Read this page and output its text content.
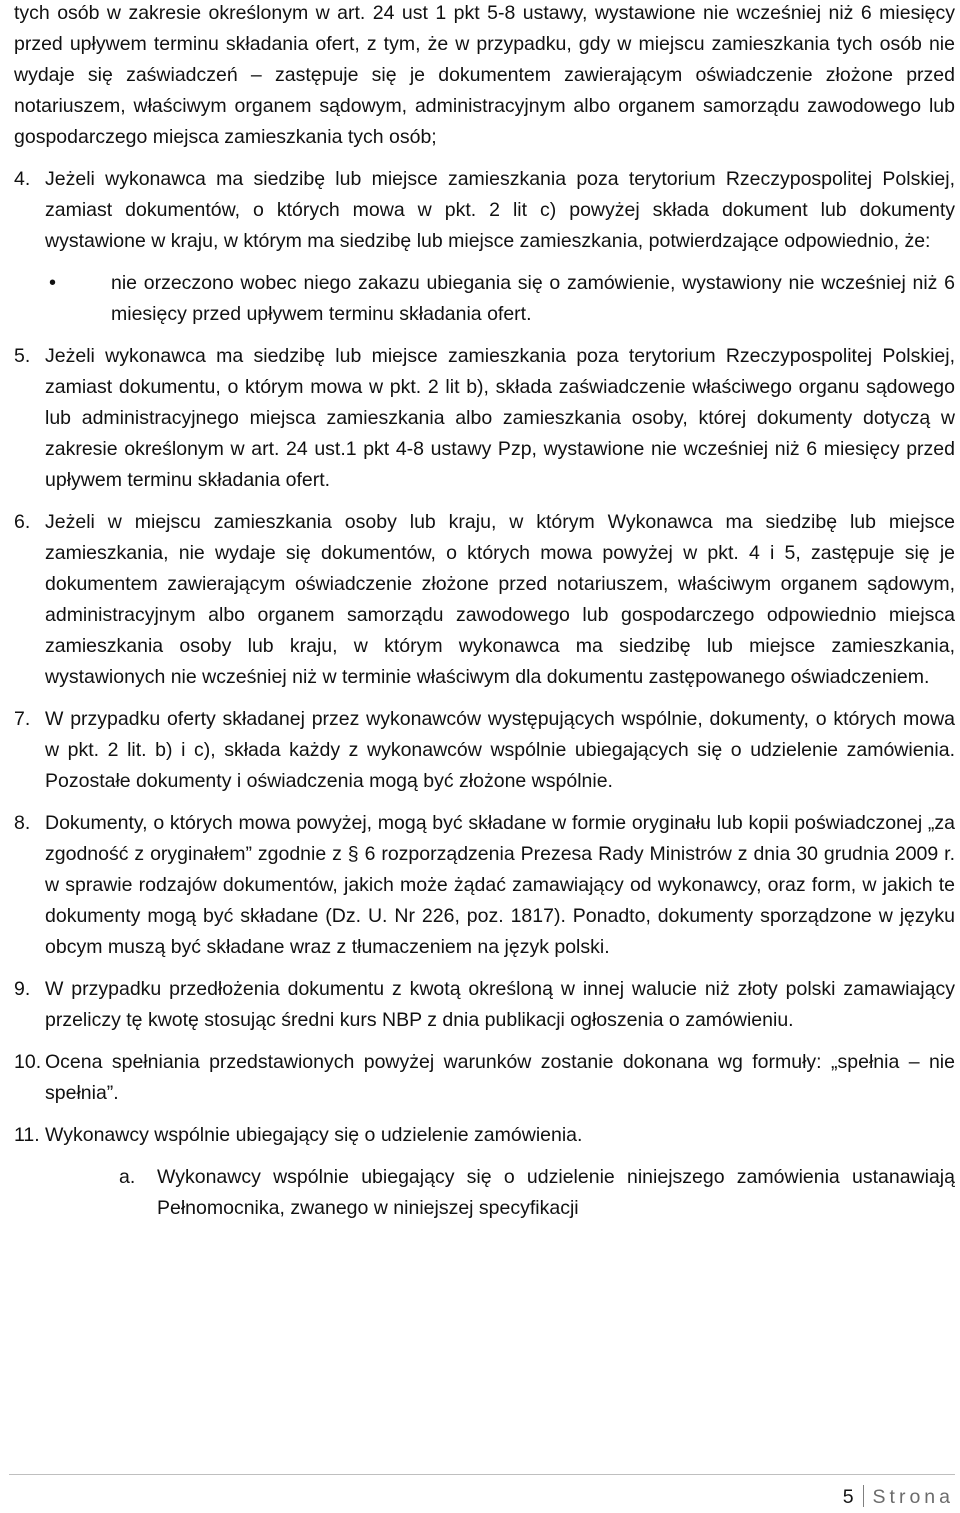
tych osób w zakresie określonym w art. 24 ust 1 pkt 5-8 ustawy, wystawione nie wcześniej niż 6 miesięcy przed upływem terminu składania ofert, z tym, że w przypadku, gdy w miejscu zamieszkania tych osób nie wydaje się zaświadczeń – zastępuje się je dokumentem zawierającym oświadczenie złożone przed notariuszem, właściwym organem sądowym, administracyjnym albo organem samorządu zawodowego lub gospodarczego miejsca zamieszkania tych osób;

4. Jeżeli wykonawca ma siedzibę lub miejsce zamieszkania poza terytorium Rzeczypospolitej Polskiej, zamiast dokumentów, o których mowa w pkt. 2 lit c) powyżej składa dokument lub dokumenty wystawione w kraju, w którym ma siedzibę lub miejsce zamieszkania, potwierdzające odpowiednio, że:
•	nie orzeczono wobec niego zakazu ubiegania się o zamówienie, wystawiony nie wcześniej niż 6 miesięcy przed upływem terminu składania ofert.
5. Jeżeli wykonawca ma siedzibę lub miejsce zamieszkania poza terytorium Rzeczypospolitej Polskiej, zamiast dokumentu, o którym mowa w pkt. 2 lit b), składa zaświadczenie właściwego organu sądowego lub administracyjnego miejsca zamieszkania albo zamieszkania osoby, której dokumenty dotyczą w zakresie określonym w art. 24 ust.1 pkt 4-8 ustawy Pzp, wystawione nie wcześniej niż 6 miesięcy przed upływem terminu składania ofert.
6. Jeżeli w miejscu zamieszkania osoby lub kraju, w którym Wykonawca ma siedzibę lub miejsce zamieszkania, nie wydaje się dokumentów, o których mowa powyżej w pkt. 4 i 5, zastępuje się je dokumentem zawierającym oświadczenie złożone przed notariuszem, właściwym organem sądowym, administracyjnym albo organem samorządu zawodowego lub gospodarczego odpowiednio miejsca zamieszkania osoby lub kraju, w którym wykonawca ma siedzibę lub miejsce zamieszkania, wystawionych nie wcześniej niż w terminie właściwym dla dokumentu zastępowanego oświadczeniem.
7. W przypadku oferty składanej przez wykonawców występujących wspólnie, dokumenty, o których mowa w pkt. 2 lit. b) i c), składa każdy z wykonawców wspólnie ubiegających się o udzielenie zamówienia. Pozostałe dokumenty i oświadczenia mogą być złożone wspólnie.
8. Dokumenty, o których mowa powyżej, mogą być składane w formie oryginału lub kopii poświadczonej „za zgodność z oryginałem” zgodnie z § 6 rozporządzenia Prezesa Rady Ministrów z dnia 30 grudnia 2009 r. w sprawie rodzajów dokumentów, jakich może żądać zamawiający od wykonawcy, oraz form, w jakich te dokumenty mogą być składane (Dz. U. Nr 226, poz. 1817). Ponadto, dokumenty sporządzone w języku obcym muszą być składane wraz z tłumaczeniem na język polski.
9. W przypadku przedłożenia dokumentu z kwotą określoną w innej walucie niż złoty polski zamawiający przeliczy tę kwotę stosując średni kurs NBP z dnia publikacji ogłoszenia o zamówieniu.
10. Ocena spełniania przedstawionych powyżej warunków zostanie dokonana wg formuły: „spełnia – nie spełnia”.
11. Wykonawcy wspólnie ubiegający się o udzielenie zamówienia.
a.	Wykonawcy wspólnie ubiegający się o udzielenie niniejszego zamówienia ustanawiają Pełnomocnika, zwanego w niniejszej specyfikacji
5 Strona
